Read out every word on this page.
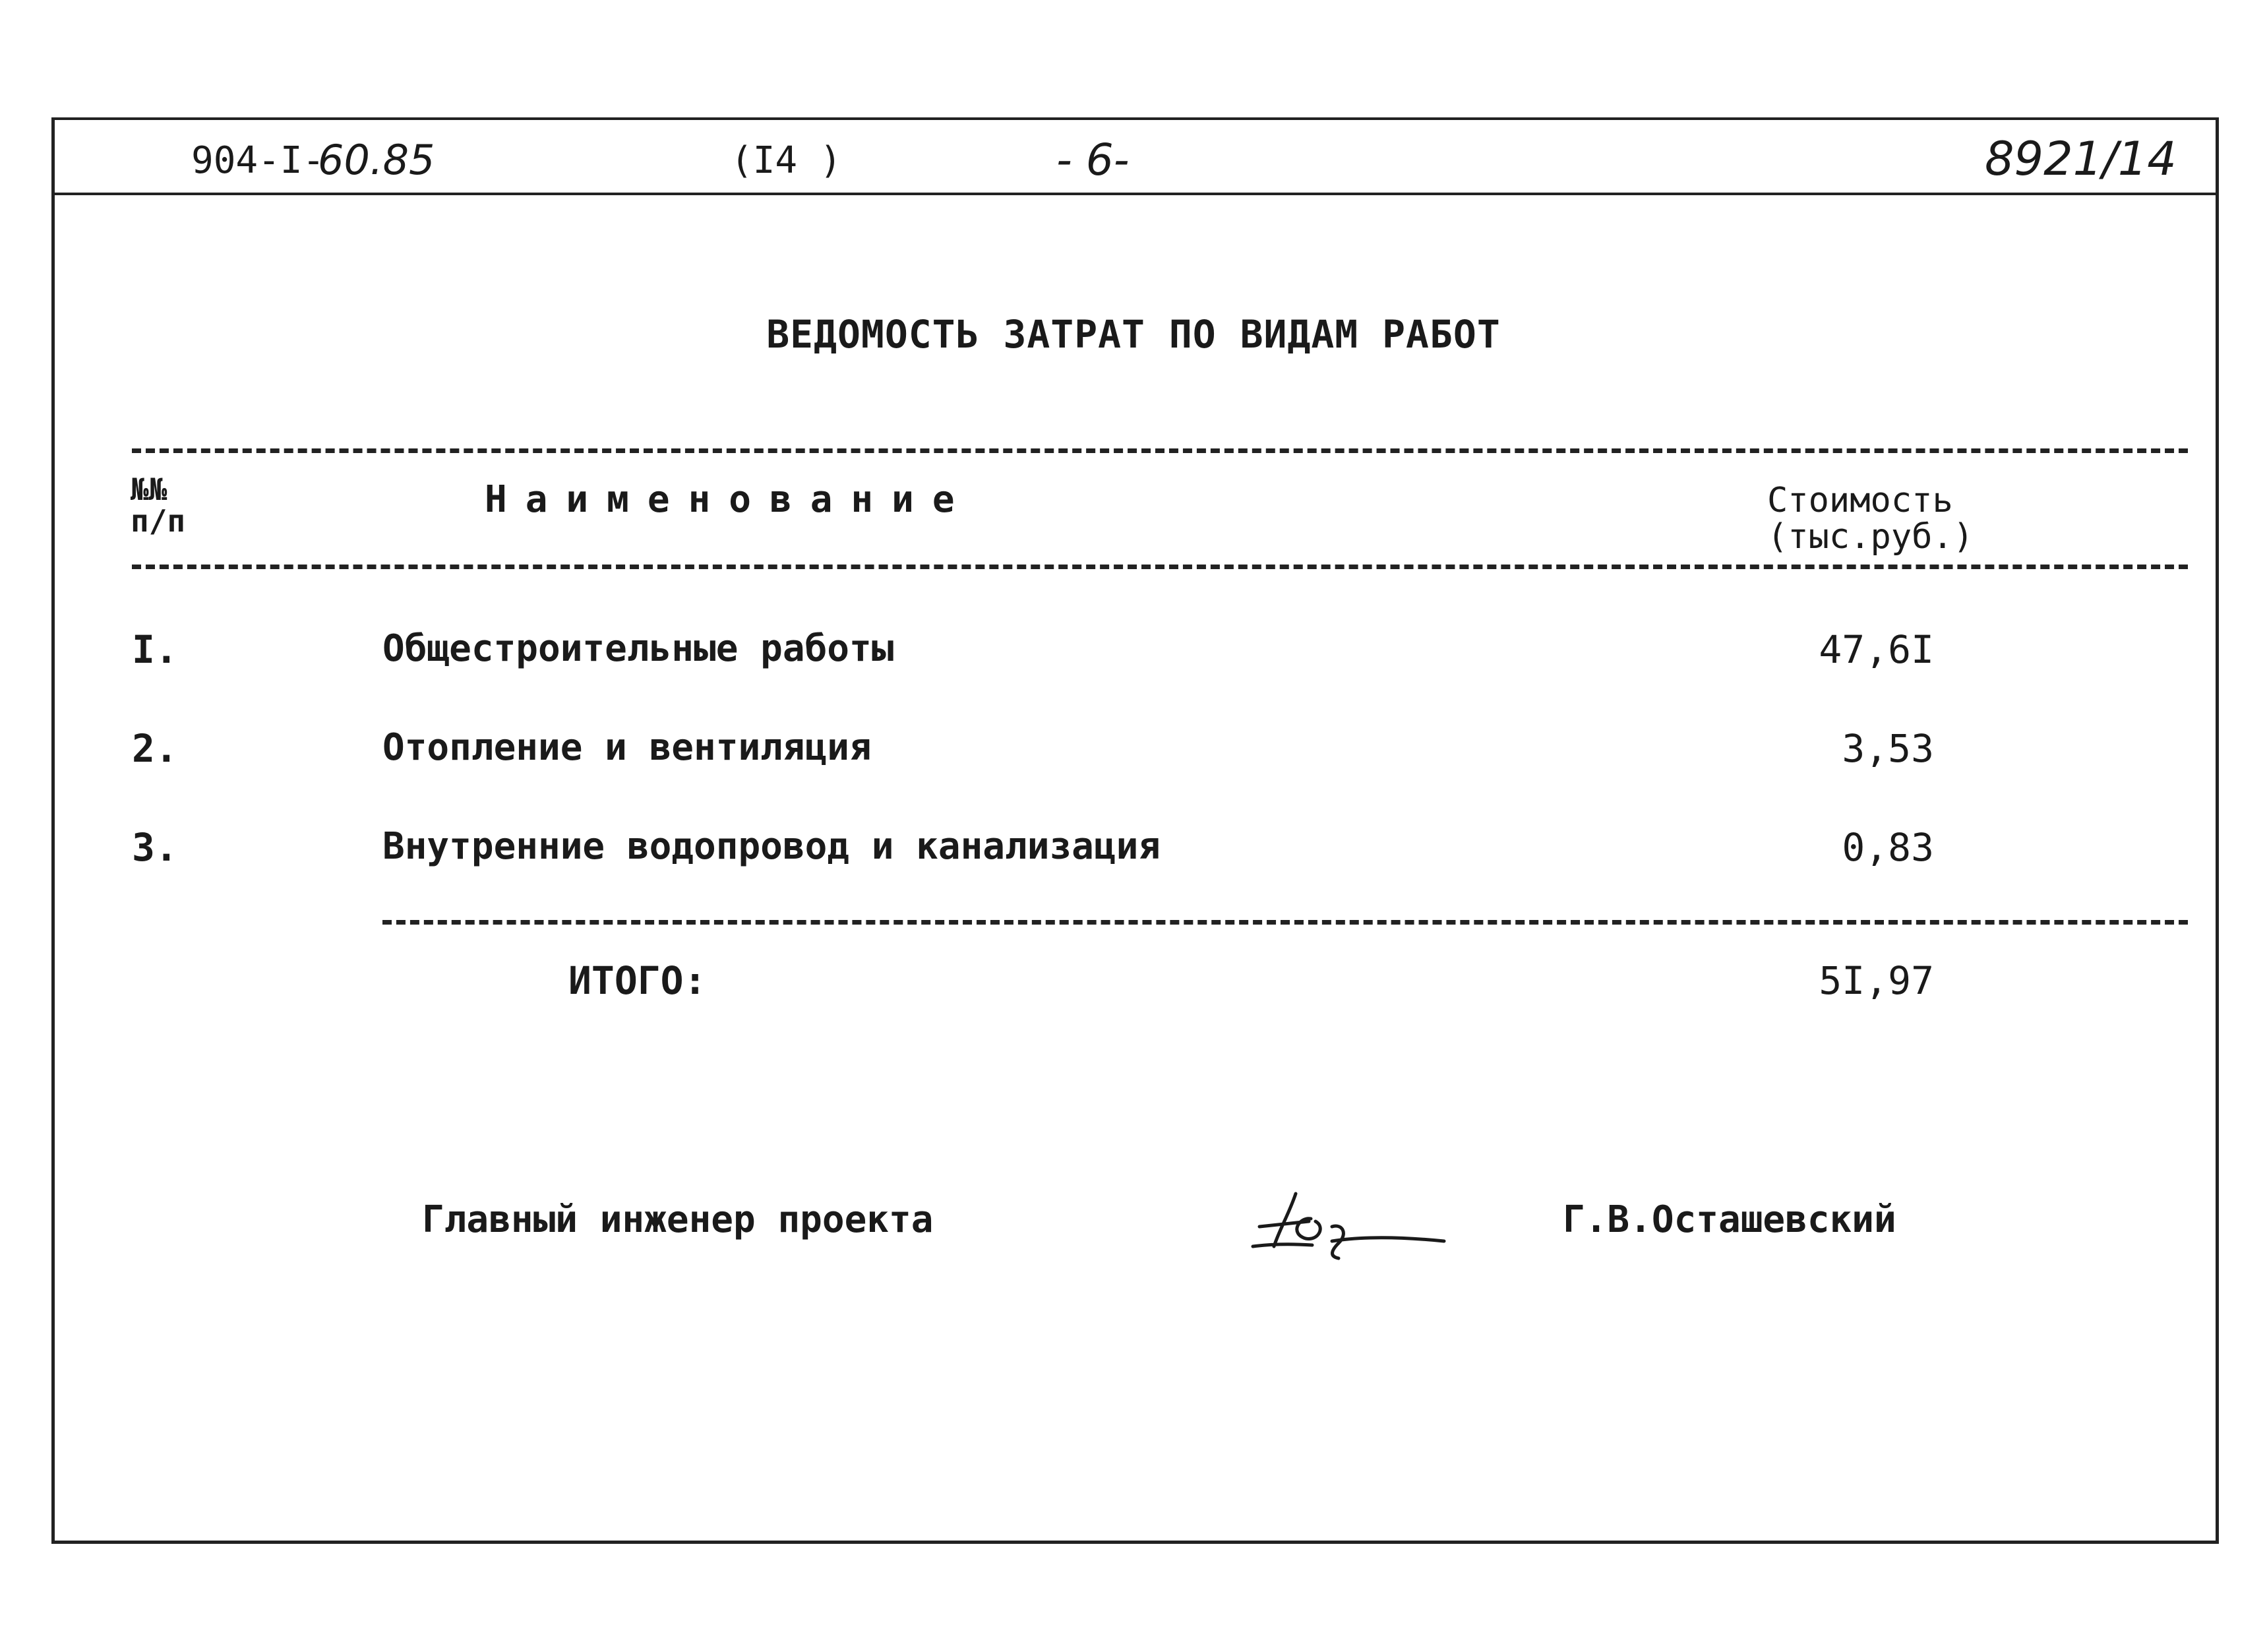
904-I-
60.85	(I4 )	- 6-	8921/14
ВЕДОМОСТЬ ЗАТРАТ ПО ВИДАМ РАБОТ
№№
п/п
Наименование	Стоимость
(тыс.руб.)
I.	Общестроительные работы	47,6I
2.	Отопление и вентиляция	3,53
3.	Внутренние водопровод и канализация	0,83
ИТОГО:	5I,97
Главный инженер проекта	Г.В.Осташевский
